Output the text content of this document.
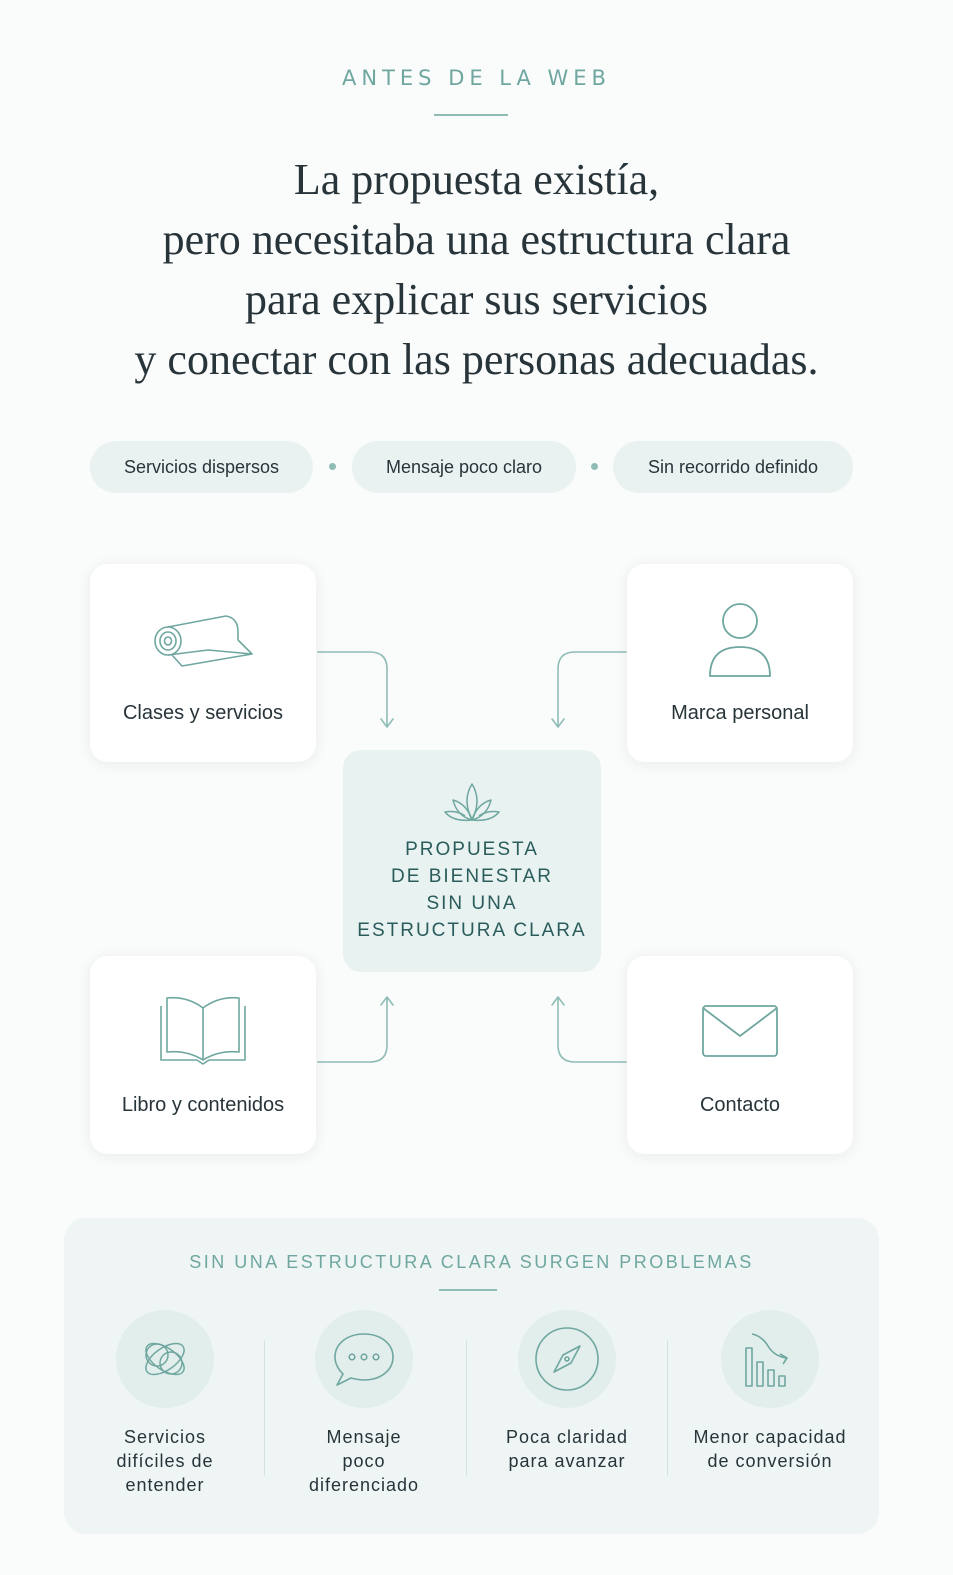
ANTES DE LA WEB
La propuesta existía,
pero necesitaba una estructura clara
para explicar sus servicios
y conectar con las personas adecuadas.
Servicios dispersos	Mensaje poco claro	Sin recorrido definido
Clases y servicios	Marca personal
PROPUESTA
DE BIENESTAR
SIN UNA
ESTRUCTURA CLARA
Libro y contenidos	Contacto
SIN UNA ESTRUCTURA CLARA SURGEN PROBLEMAS
Servicios
difíciles de
entender
Mensaje
poco
diferenciado
Poca claridad
para avanzar
Menor capacidad
de conversión
